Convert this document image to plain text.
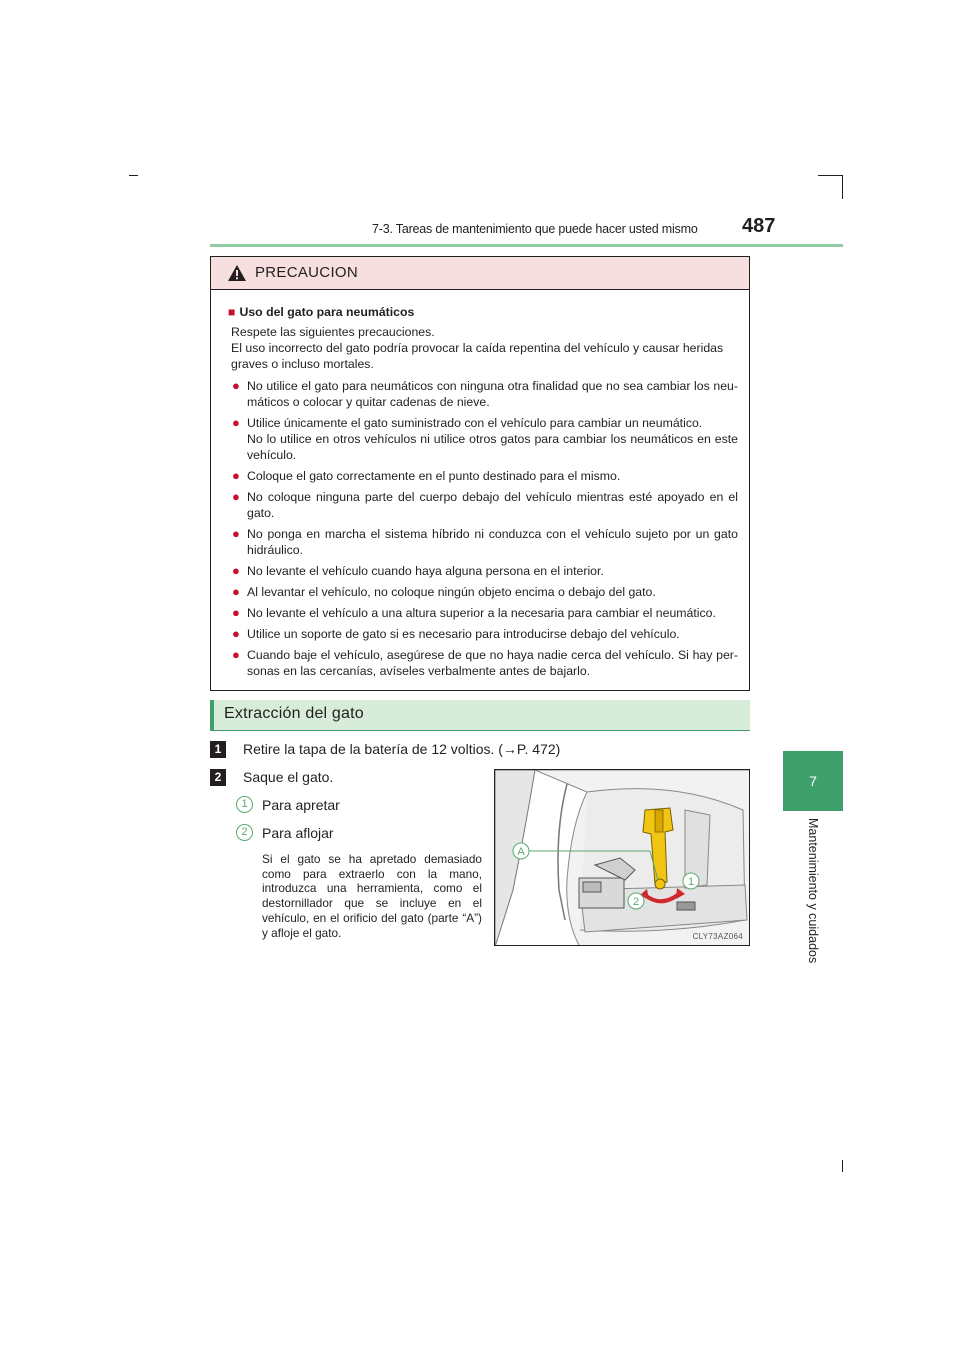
7-3. Tareas de mantenimiento que puede hacer usted mismo 487
7
Mantenimiento y cuidados
PRECAUCION
■ Uso del gato para neumáticos
Respete las siguientes precauciones.
El uso incorrecto del gato podría provocar la caída repentina del vehículo y causar heridas graves o incluso mortales.
● No utilice el gato para neumáticos con ninguna otra finalidad que no sea cambiar los neu-máticos o colocar y quitar cadenas de nieve.
● Utilice únicamente el gato suministrado con el vehículo para cambiar un neumático.
No lo utilice en otros vehículos ni utilice otros gatos para cambiar los neumáticos en este vehículo.
● Coloque el gato correctamente en el punto destinado para el mismo.
● No coloque ninguna parte del cuerpo debajo del vehículo mientras esté apoyado en el gato.
● No ponga en marcha el sistema híbrido ni conduzca con el vehículo sujeto por un gato hidráulico.
● No levante el vehículo cuando haya alguna persona en el interior.
● Al levantar el vehículo, no coloque ningún objeto encima o debajo del gato.
● No levante el vehículo a una altura superior a la necesaria para cambiar el neumático.
● Utilice un soporte de gato si es necesario para introducirse debajo del vehículo.
● Cuando baje el vehículo, asegúrese de que no haya nadie cerca del vehículo. Si hay per-sonas en las cercanías, avíseles verbalmente antes de bajarlo.
Extracción del gato
1	Retire la tapa de la batería de 12 voltios. (→P. 472)
2	Saque el gato.
1	Para apretar
2	Para aflojar
Si el gato se ha apretado demasiado como para extraerlo con la mano, introduzca una herramienta, como el destornillador que se incluye en el vehículo, en el orificio del gato (parte “A”) y afloje el gato.
A
1
2
CLY73AZ064
